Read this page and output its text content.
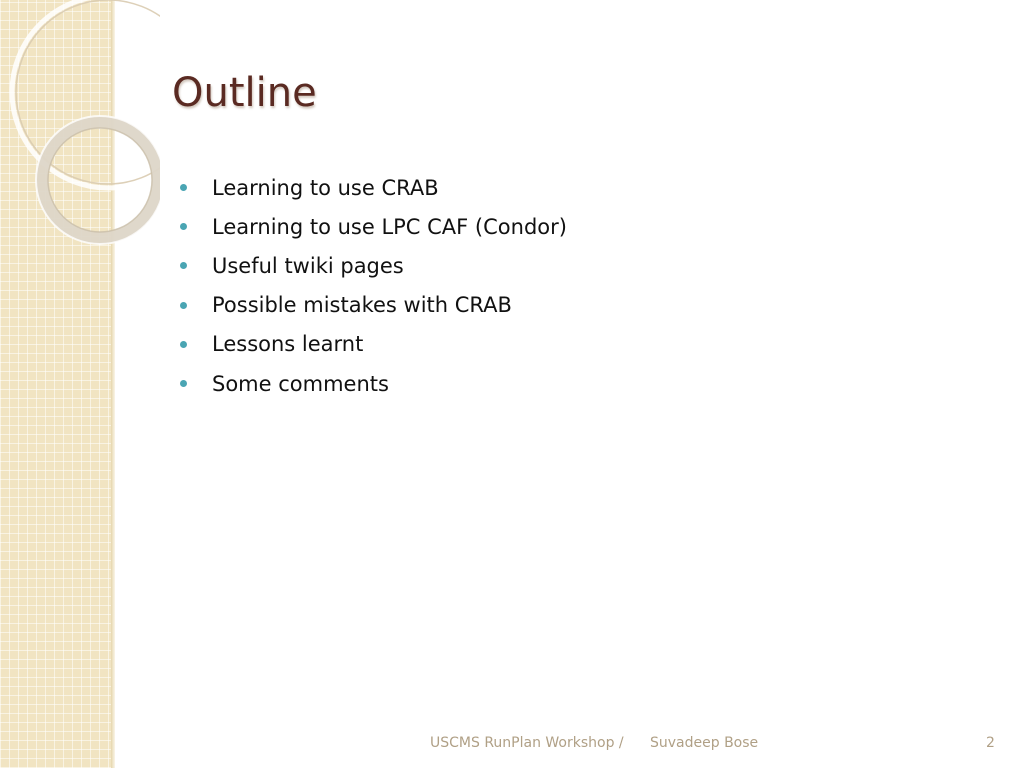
Outline
Learning to use CRAB
Learning to use LPC CAF (Condor)
Useful twiki pages
Possible mistakes with CRAB
Lessons learnt
Some comments
USCMS RunPlan Workshop / Suvadeep Bose	2
